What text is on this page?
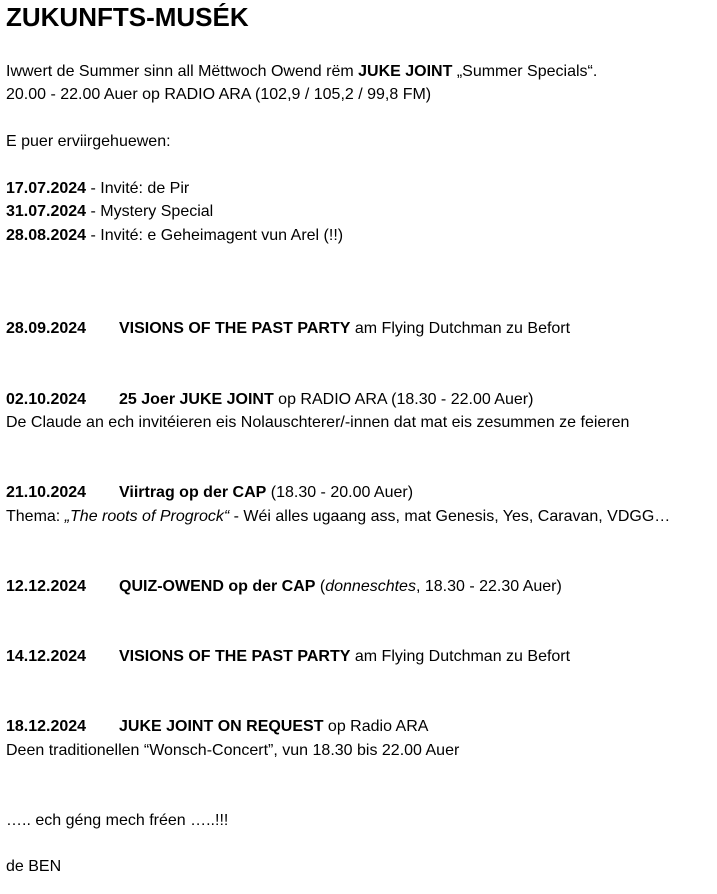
ZUKUNFTS-MUSÉK
Iwwert de Summer sinn all Mëttwoch Owend rëm JUKE JOINT „Summer Specials“.
20.00 - 22.00 Auer op RADIO ARA (102,9 / 105,2 / 99,8 FM)
E puer erviirgehuewen:
17.07.2024 - Invité: de Pir
31.07.2024 - Mystery Special
28.08.2024 - Invité: e Geheimagent vun Arel (!!)
28.09.2024 VISIONS OF THE PAST PARTY am Flying Dutchman zu Befort
02.10.2024 25 Joer JUKE JOINT op RADIO ARA (18.30 - 22.00 Auer)
De Claude an ech invitéieren eis Nolauschterer/-innen dat mat eis zesummen ze feieren
21.10.2024 Viirtrag op der CAP (18.30 - 20.00 Auer)
Thema: „The roots of Progrock“ - Wéi alles ugaang ass, mat Genesis, Yes, Caravan, VDGG…
12.12.2024 QUIZ-OWEND op der CAP (donneschtes, 18.30 - 22.30 Auer)
14.12.2024 VISIONS OF THE PAST PARTY am Flying Dutchman zu Befort
18.12.2024 JUKE JOINT ON REQUEST op Radio ARA
Deen traditionellen “Wonsch-Concert”, vun 18.30 bis 22.00 Auer
….. ech géng mech fréen …..!!!
de BEN
